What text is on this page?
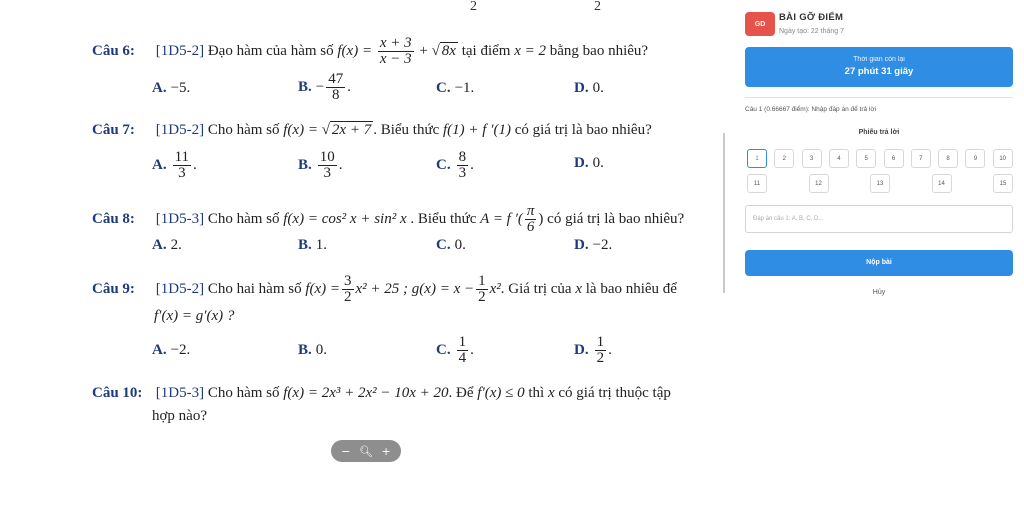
2	2
Câu 6: [1D5-2] Đạo hàm của hàm số $f(x) = \frac{x + 3}{x - 3}$ + √ 8x tại điểm x = 2 bằng bao nhiêu?
A. −5.	B. − $\frac{47}{8}$ .	C. −1.	D. 0.
Câu 7: [1D5-2] Cho hàm số f(x) = √ 2x + 7 . Biểu thức f(1) + f ′(1) có giá trị là bao nhiêu?
A. $\frac{11}{3}$ .	B. $\frac{10}{3}$ .	C. $\frac{8}{3}$ .	D. 0.
Câu 8: [1D5-3] Cho hàm số f(x) = cos² x + sin² x . Biểu thức A = f ′( $\frac{\pi}{6}$ ) có giá trị là bao nhiêu?
A. 2.	B. 1.	C. 0.	D. −2.
Câu 9: [1D5-2] Cho hai hàm số $f(x) = \frac{3}{2} x^2 + 25$ ; $g(x) = x - \frac{1}{2} x^2$. Giá trị của x là bao nhiêu để
f′(x) = g′(x) ?
A. −2.	B. 0.	C. $\frac{1}{4}$ .	D. $\frac{1}{2}$ .
Câu 10: [1D5-3] Cho hàm số f(x) = 2x³ + 2x² − 10x + 20. Để f′(x) ≤ 0 thì x có giá trị thuộc tập
hợp nào?
− 🔍︎ +
GD
BÀI GỠ ĐIỂM
Ngày tạo: 22 tháng 7
Thời gian còn lại
27 phút 31 giây
Câu 1 (0.66667 điểm): Nhập đáp án để trả lời
Phiếu trả lời
1	2	3	4	5	6	7	8	9	10
11	12	13	14	15
Đáp án câu 1: A, B, C, D...
Nộp bài
Hủy
